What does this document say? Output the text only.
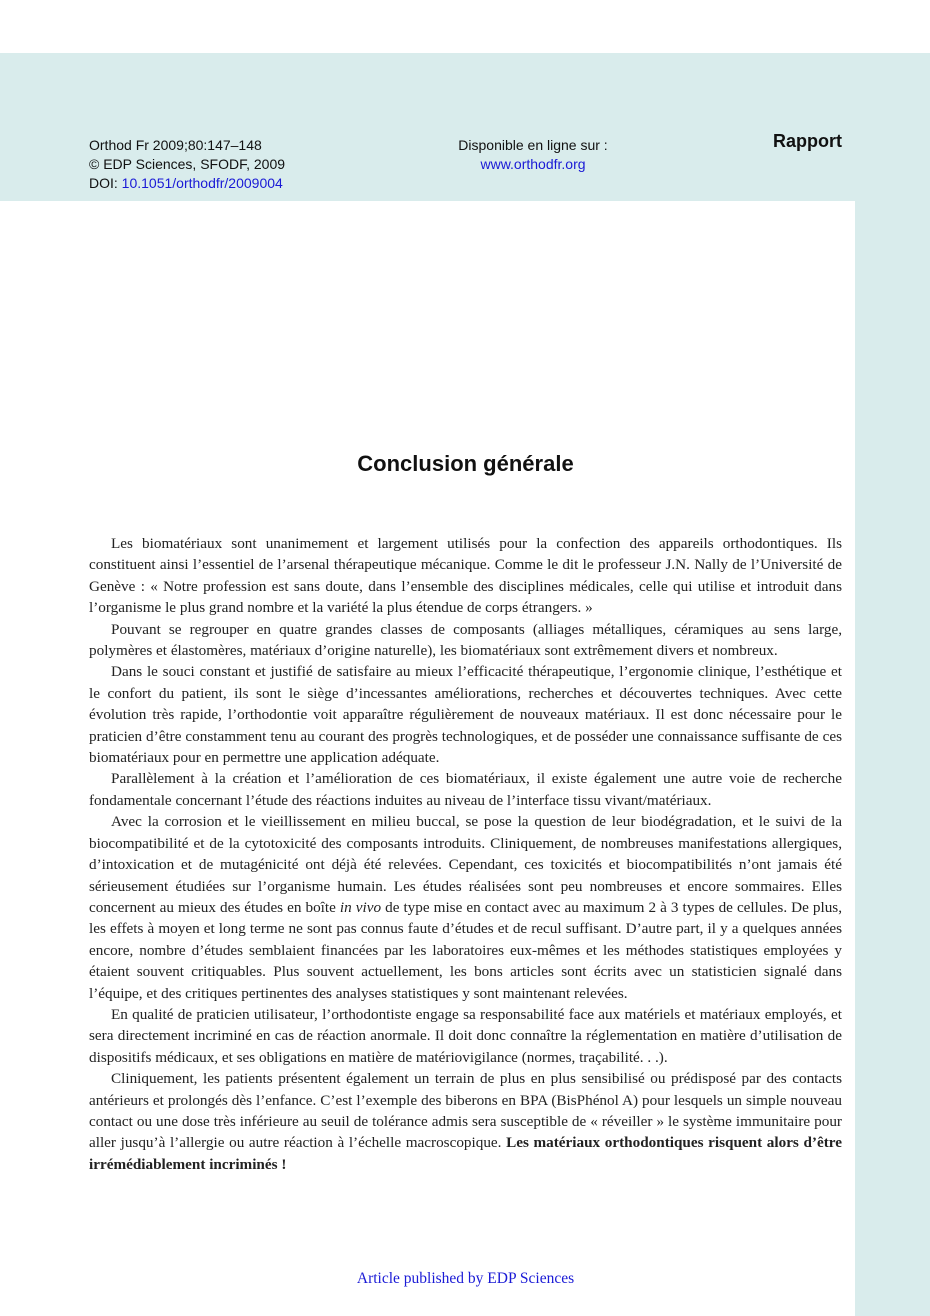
Orthod Fr 2009;80:147–148
© EDP Sciences, SFODF, 2009
DOI: 10.1051/orthodfr/2009004
Disponible en ligne sur :
www.orthodfr.org
Rapport
Conclusion générale

Les biomatériaux sont unanimement et largement utilisés pour la confection des appareils orthodontiques. Ils constituent ainsi l’essentiel de l’arsenal thérapeutique mécanique. Comme le dit le professeur J.N. Nally de l’Université de Genève : « Notre profession est sans doute, dans l’ensemble des disciplines médicales, celle qui utilise et introduit dans l’organisme le plus grand nombre et la variété la plus étendue de corps étrangers. »

Pouvant se regrouper en quatre grandes classes de composants (alliages métalliques, céramiques au sens large, polymères et élastomères, matériaux d’origine naturelle), les biomatériaux sont extrêmement divers et nombreux.

Dans le souci constant et justifié de satisfaire au mieux l’efficacité thérapeutique, l’ergonomie clinique, l’esthétique et le confort du patient, ils sont le siège d’incessantes améliorations, recherches et découvertes techniques. Avec cette évolution très rapide, l’orthodontie voit apparaître régulièrement de nouveaux matériaux. Il est donc nécessaire pour le praticien d’être constamment tenu au courant des progrès technologiques, et de posséder une connaissance suffisante de ces biomatériaux pour en permettre une application adéquate.

Parallèlement à la création et l’amélioration de ces biomatériaux, il existe également une autre voie de recherche fondamentale concernant l’étude des réactions induites au niveau de l’interface tissu vivant/matériaux.

Avec la corrosion et le vieillissement en milieu buccal, se pose la question de leur biodégradation, et le suivi de la biocompatibilité et de la cytotoxicité des composants introduits. Cliniquement, de nombreuses manifestations allergiques, d’intoxication et de mutagénicité ont déjà été relevées. Cependant, ces toxicités et biocompatibilités n’ont jamais été sérieusement étudiées sur l’organisme humain. Les études réalisées sont peu nombreuses et encore sommaires. Elles concernent au mieux des études en boîte in vivo de type mise en contact avec au maximum 2 à 3 types de cellules. De plus, les effets à moyen et long terme ne sont pas connus faute d’études et de recul suffisant. D’autre part, il y a quelques années encore, nombre d’études semblaient financées par les laboratoires eux-mêmes et les méthodes statistiques employées y étaient souvent critiquables. Plus souvent actuellement, les bons articles sont écrits avec un statisticien signalé dans l’équipe, et des critiques pertinentes des analyses statistiques y sont maintenant relevées.

En qualité de praticien utilisateur, l’orthodontiste engage sa responsabilité face aux matériels et matériaux employés, et sera directement incriminé en cas de réaction anormale. Il doit donc connaître la réglementation en matière d’utilisation de dispositifs médicaux, et ses obligations en matière de matériovigilance (normes, traçabilité. . .).

Cliniquement, les patients présentent également un terrain de plus en plus sensibilisé ou prédisposé par des contacts antérieurs et prolongés dès l’enfance. C’est l’exemple des biberons en BPA (BisPhénol A) pour lesquels un simple nouveau contact ou une dose très inférieure au seuil de tolérance admis sera susceptible de « réveiller » le système immunitaire pour aller jusqu’à l’allergie ou autre réaction à l’échelle macroscopique. Les matériaux orthodontiques risquent alors d’être irrémédiablement incriminés !

Article published by EDP Sciences
